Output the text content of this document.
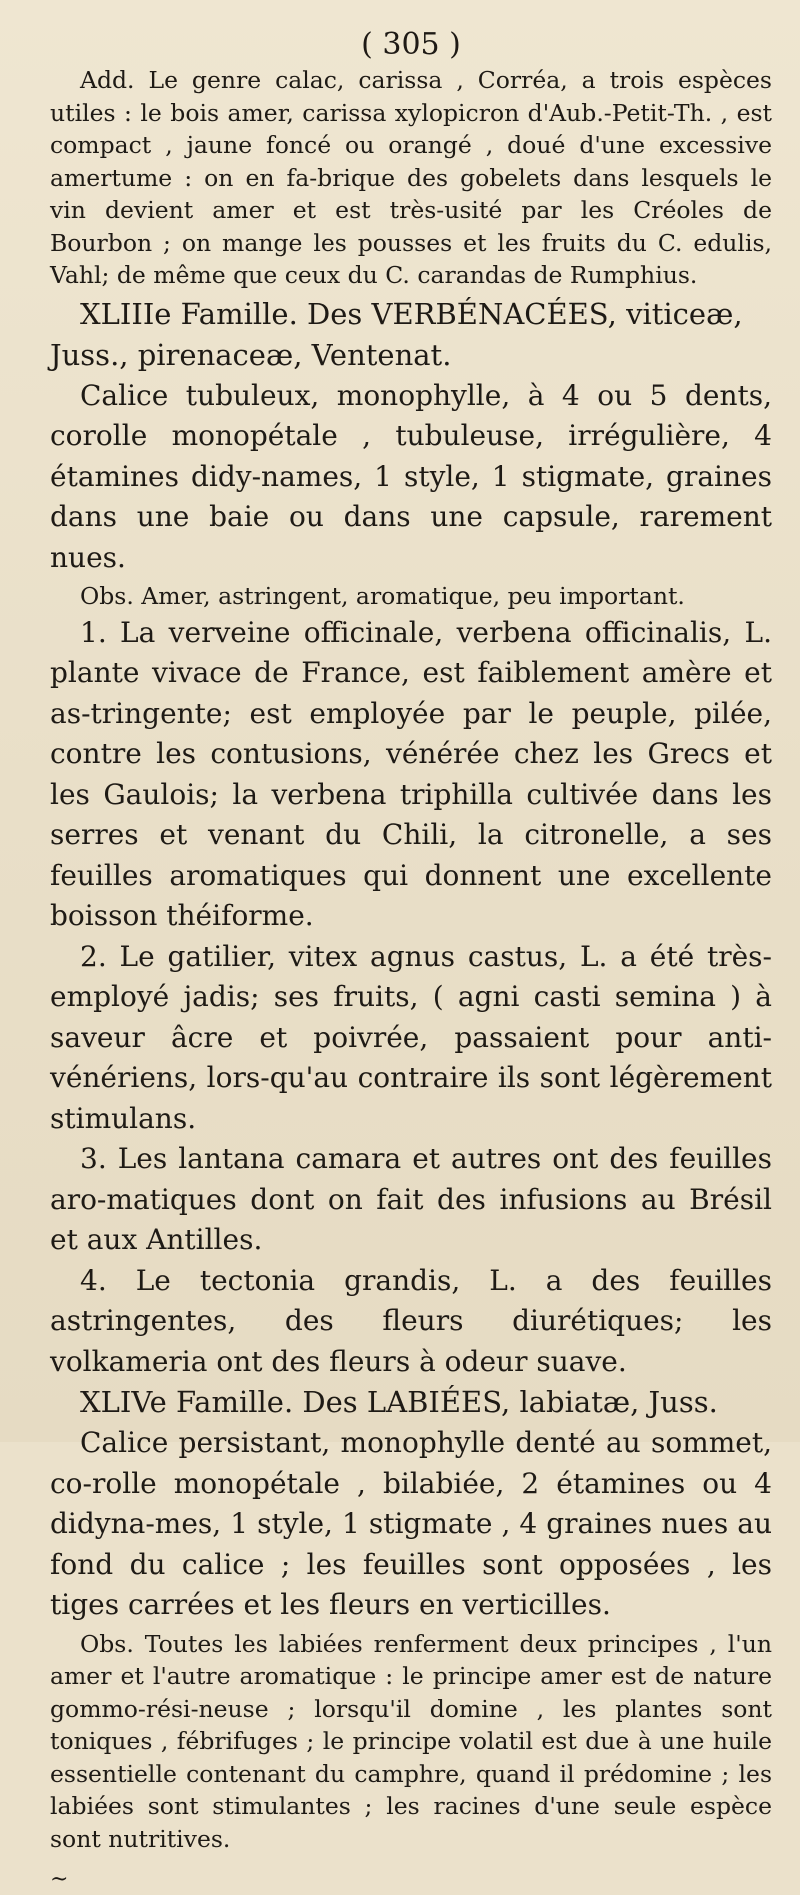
( 305 )

Add. Le genre calac, carissa , Corréa, a trois espèces utiles : le bois amer, carissa xylopicron d'Aub.-Petit-Th. , est compact , jaune foncé ou orangé , doué d'une excessive amertume : on en fa-brique des gobelets dans lesquels le vin devient amer et est très-usité par les Créoles de Bourbon ; on mange les pousses et les fruits du C. edulis, Vahl; de même que ceux du C. carandas de Rumphius.

XLIIIe Famille. Des VERBÉNACÉES, viticeæ, Juss., pirenaceæ, Ventenat.

Calice tubuleux, monophylle, à 4 ou 5 dents, corolle monopétale , tubuleuse, irrégulière, 4 étamines didy-names, 1 style, 1 stigmate, graines dans une baie ou dans une capsule, rarement nues.

Obs. Amer, astringent, aromatique, peu important.

1. La verveine officinale, verbena officinalis, L. plante vivace de France, est faiblement amère et as-tringente; est employée par le peuple, pilée, contre les contusions, vénérée chez les Grecs et les Gaulois; la verbena triphilla cultivée dans les serres et venant du Chili, la citronelle, a ses feuilles aromatiques qui donnent une excellente boisson théiforme.

2. Le gatilier, vitex agnus castus, L. a été très-employé jadis; ses fruits, ( agni casti semina ) à saveur âcre et poivrée, passaient pour anti-vénériens, lors-qu'au contraire ils sont légèrement stimulans.

3. Les lantana camara et autres ont des feuilles aro-matiques dont on fait des infusions au Brésil et aux Antilles.

4. Le tectonia grandis, L. a des feuilles astringentes, des fleurs diurétiques; les volkameria ont des fleurs à odeur suave.

XLIVe Famille. Des LABIÉES, labiatæ, Juss.

Calice persistant, monophylle denté au sommet, co-rolle monopétale , bilabiée, 2 étamines ou 4 didyna-mes, 1 style, 1 stigmate , 4 graines nues au fond du calice ; les feuilles sont opposées , les tiges carrées et les fleurs en verticilles.

Obs. Toutes les labiées renferment deux principes , l'un amer et l'autre aromatique : le principe amer est de nature gommo-rési-neuse ; lorsqu'il domine , les plantes sont toniques , fébrifuges ; le principe volatil est due à une huile essentielle contenant du camphre, quand il prédomine ; les labiées sont stimulantes ; les racines d'une seule espèce sont nutritives.

~
